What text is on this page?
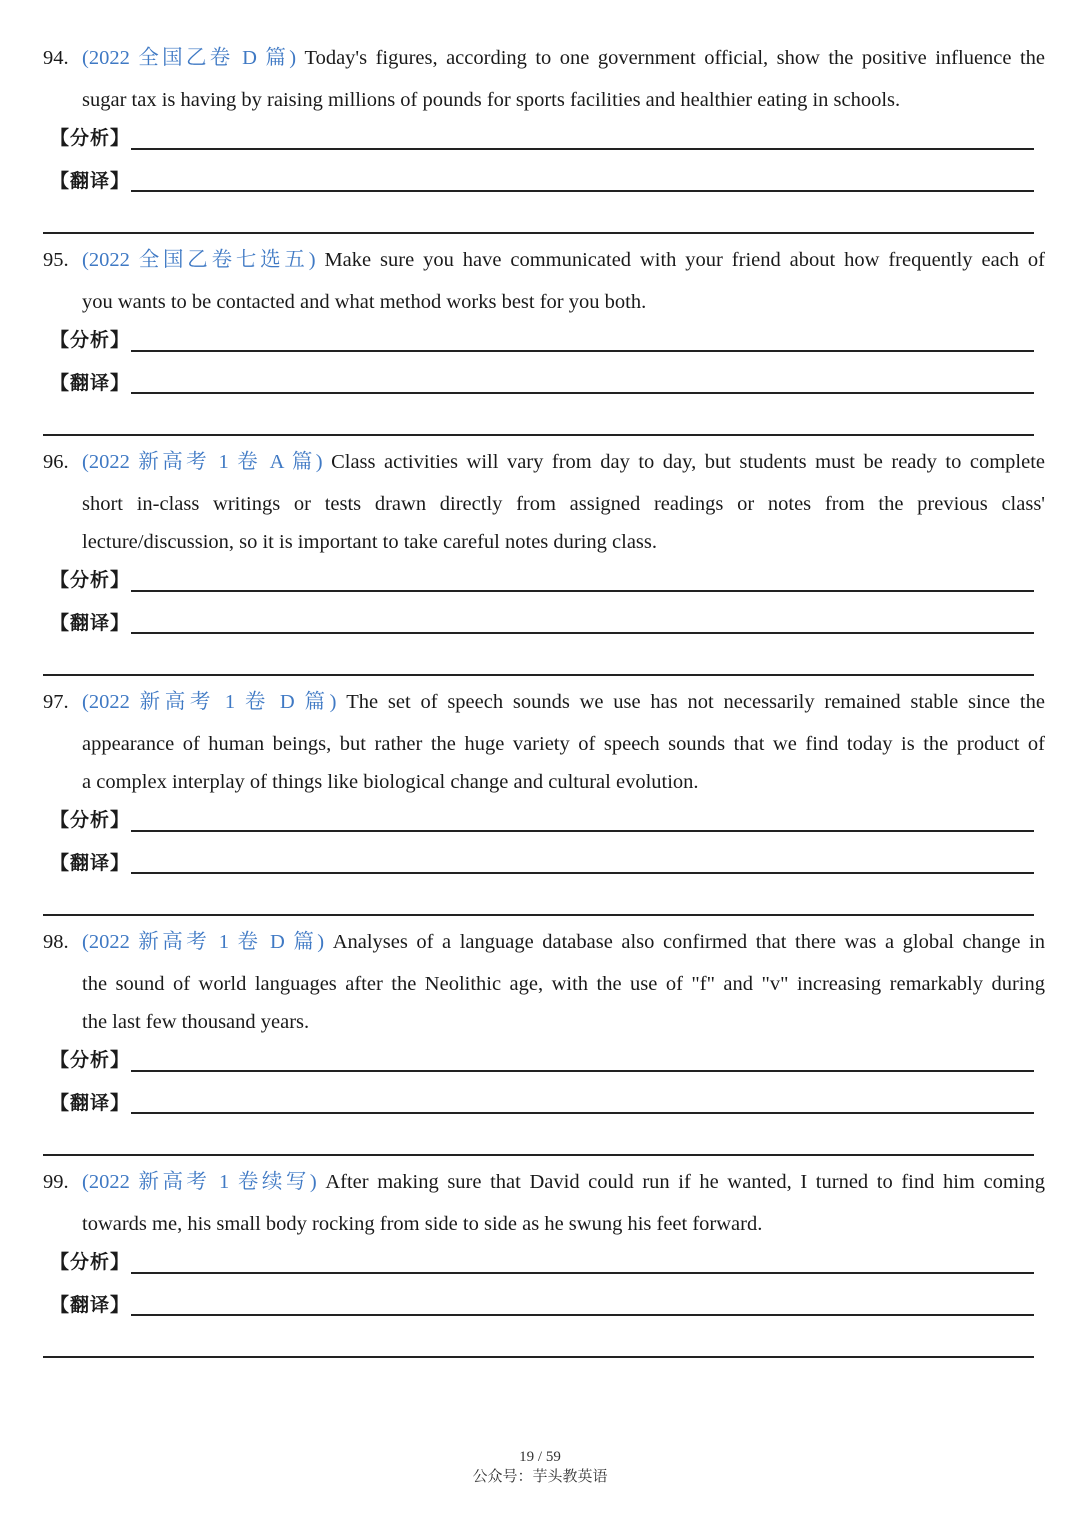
94. (2022 全国乙卷 D 篇) Today's figures, according to one government official, show the positive influence the
sugar tax is having by raising millions of pounds for sports facilities and healthier eating in schools.
【分析】
【翻译】
95. (2022 全国乙卷七选五) Make sure you have communicated with your friend about how frequently each of
you wants to be contacted and what method works best for you both.
【分析】
【翻译】
96. (2022 新高考 1 卷 A 篇) Class activities will vary from day to day, but students must be ready to complete
short in-class writings or tests drawn directly from assigned readings or notes from the previous class'
lecture/discussion, so it is important to take careful notes during class.
【分析】
【翻译】
97. (2022 新高考 1 卷 D 篇) The set of speech sounds we use has not necessarily remained stable since the
appearance of human beings, but rather the huge variety of speech sounds that we find today is the product of
a complex interplay of things like biological change and cultural evolution.
【分析】
【翻译】
98. (2022 新高考 1 卷 D 篇) Analyses of a language database also confirmed that there was a global change in
the sound of world languages after the Neolithic age, with the use of "f" and "v" increasing remarkably during
the last few thousand years.
【分析】
【翻译】
99. (2022 新高考 1 卷续写) After making sure that David could run if he wanted, I turned to find him coming
towards me, his small body rocking from side to side as he swung his feet forward.
【分析】
【翻译】
19 / 59
公众号：芋头教英语
